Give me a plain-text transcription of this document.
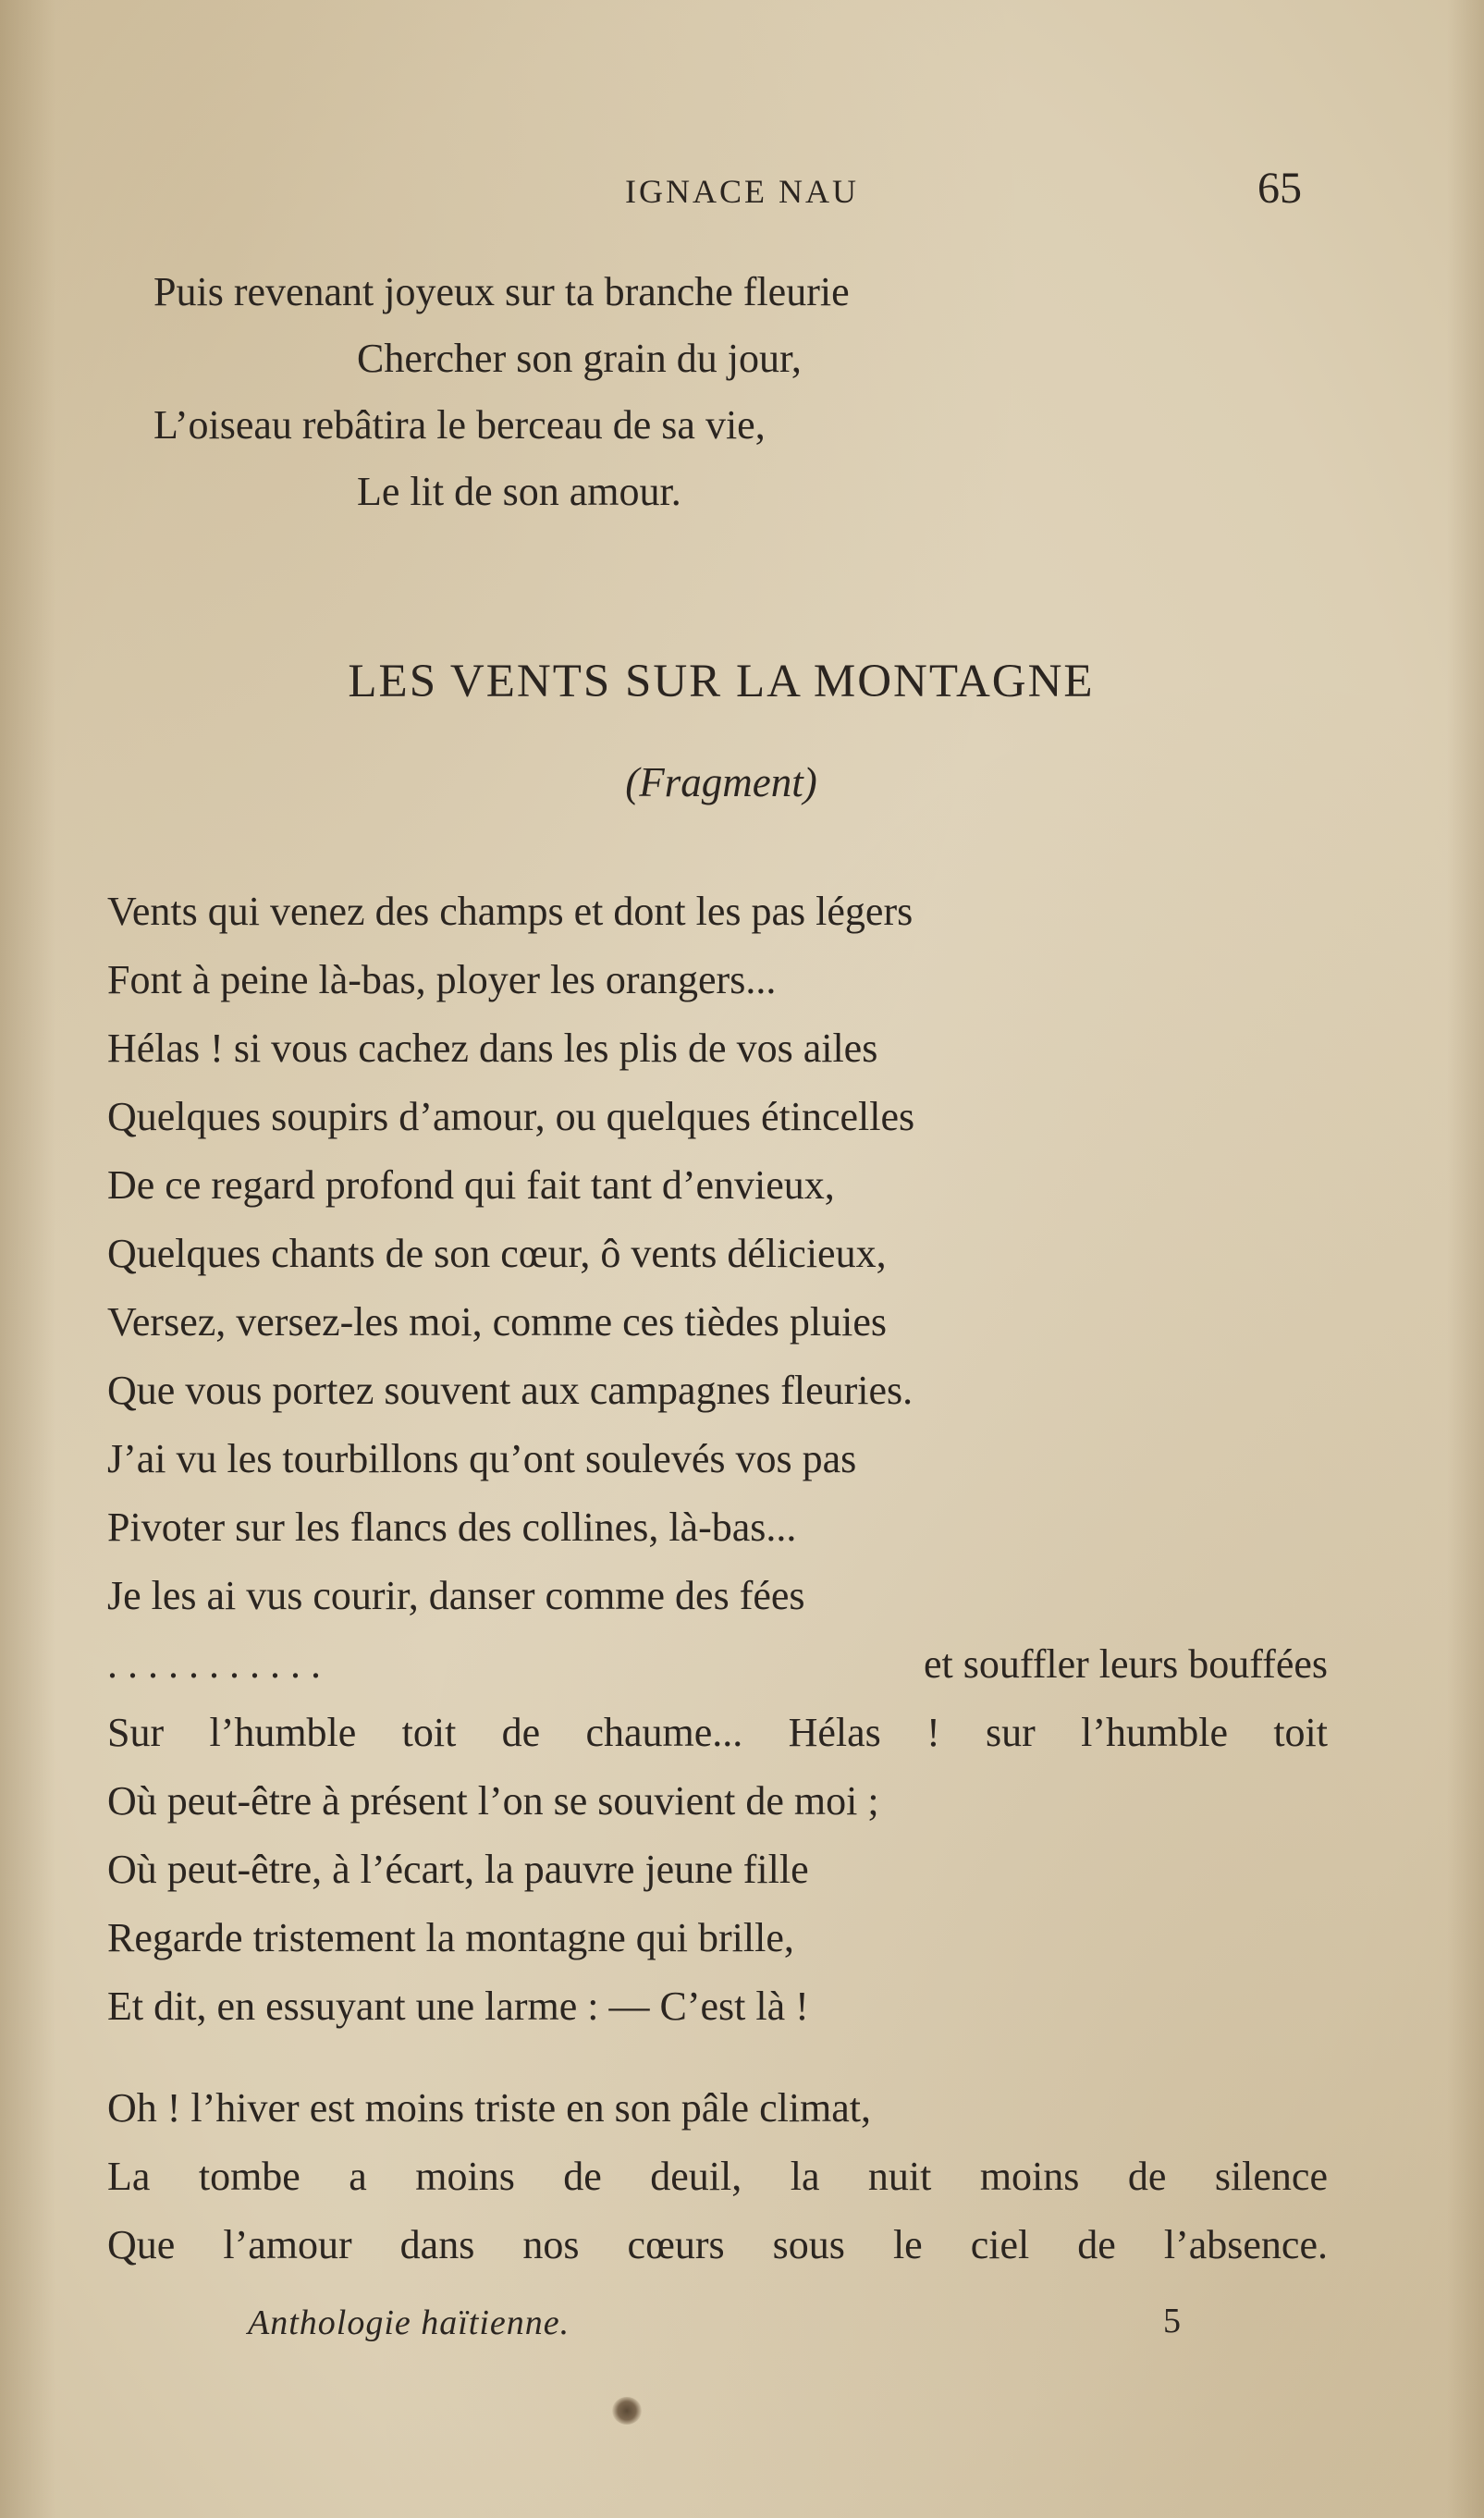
IGNACE NAU	65
Puis revenant joyeux sur ta branche fleurie
Chercher son grain du jour,
L’oiseau rebâtira le berceau de sa vie,
Le lit de son amour.
LES VENTS SUR LA MONTAGNE
(Fragment)
Vents qui venez des champs et dont les pas légers
Font à peine là-bas, ployer les orangers...
Hélas ! si vous cachez dans les plis de vos ailes
Quelques soupirs d’amour, ou quelques étincelles
De ce regard profond qui fait tant d’envieux,
Quelques chants de son cœur, ô vents délicieux,
Versez, versez-les moi, comme ces tièdes pluies
Que vous portez souvent aux campagnes fleuries.
J’ai vu les tourbillons qu’ont soulevés vos pas
Pivoter sur les flancs des collines, là-bas...
Je les ai vus courir, danser comme des fées
. . . . . . . . . . .	et souffler leurs bouffées
Sur l’humble toit de chaume... Hélas ! sur l’humble toit
Où peut-être à présent l’on se souvient de moi ;
Où peut-être, à l’écart, la pauvre jeune fille
Regarde tristement la montagne qui brille,
Et dit, en essuyant une larme : — C’est là !
Oh ! l’hiver est moins triste en son pâle climat,
La tombe a moins de deuil, la nuit moins de silence
Que l’amour dans nos cœurs sous le ciel de l’absence.
Anthologie haïtienne.	5
